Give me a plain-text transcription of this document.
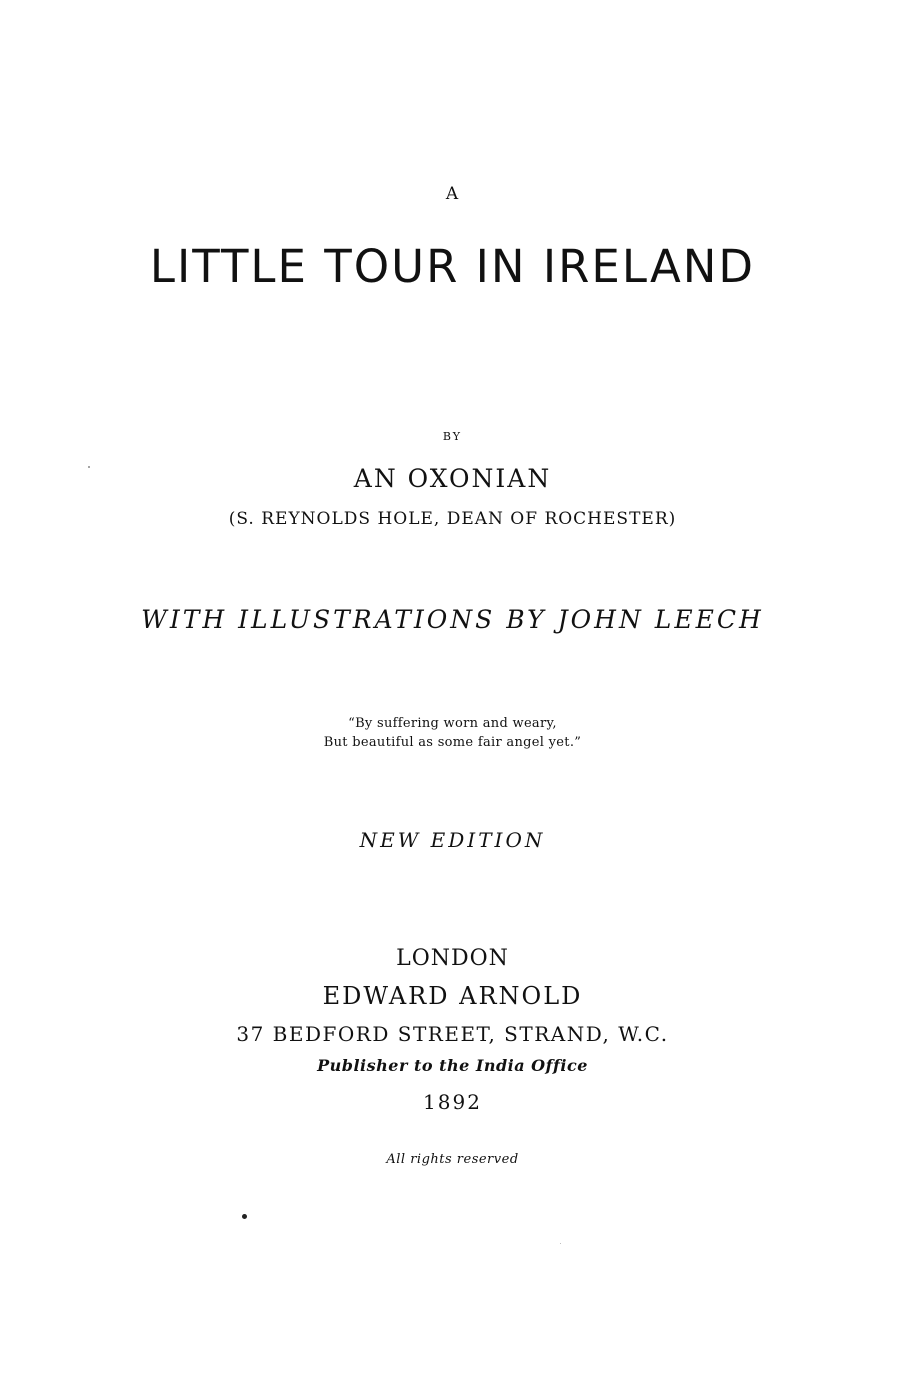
A
LITTLE TOUR IN IRELAND
BY
AN OXONIAN
(S. REYNOLDS HOLE, DEAN OF ROCHESTER)
WITH ILLUSTRATIONS BY JOHN LEECH
“By suffering worn and weary,
But beautiful as some fair angel yet.”
NEW EDITION
LONDON
EDWARD ARNOLD
37 BEDFORD STREET, STRAND, W.C.
Publisher to the India Office
1892
All rights reserved
